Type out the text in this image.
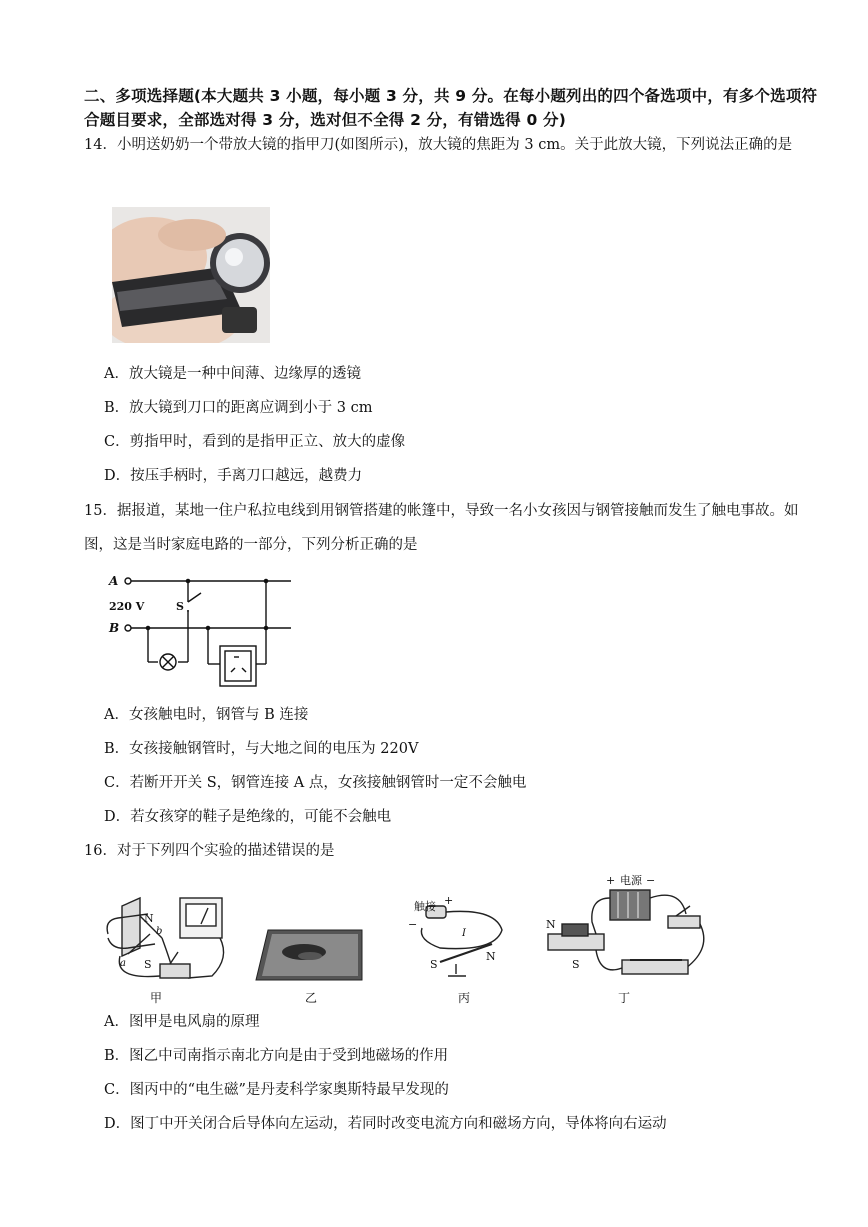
二、多项选择题(本大题共 3 小题，每小题 3 分，共 9 分。在每小题列出的四个备选项中，有多个选项符合题目要求，全部选对得 3 分，选对但不全得 2 分，有错选得 0 分)
14．小明送奶奶一个带放大镜的指甲刀(如图所示)，放大镜的焦距为 3 cm。关于此放大镜，下列说法正确的是
A．放大镜是一种中间薄、边缘厚的透镜
B．放大镜到刀口的距离应调到小于 3 cm
C．剪指甲时，看到的是指甲正立、放大的虚像
D．按压手柄时，手离刀口越远，越费力
15．据报道，某地一住户私拉电线到用钢管搭建的帐篷中，导致一名小女孩因与钢管接触而发生了触电事故。如图，这是当时家庭电路的一部分，下列分析正确的是
A
220 V
B
S
A．女孩触电时，钢管与 B 连接
B．女孩接触钢管时，与大地之间的电压为 220V
C．若断开开关 S，钢管连接 A 点，女孩接触钢管时一定不会触电
D．若女孩穿的鞋子是绝缘的，可能不会触电
16．对于下列四个实验的描述错误的是
N
S
a
b
甲	乙
触接 +
−
I
S
N
丙
电源
+	−
N
S
丁
A．图甲是电风扇的原理
B．图乙中司南指示南北方向是由于受到地磁场的作用
C．图丙中的“电生磁”是丹麦科学家奥斯特最早发现的
D．图丁中开关闭合后导体向左运动，若同时改变电流方向和磁场方向，导体将向右运动
